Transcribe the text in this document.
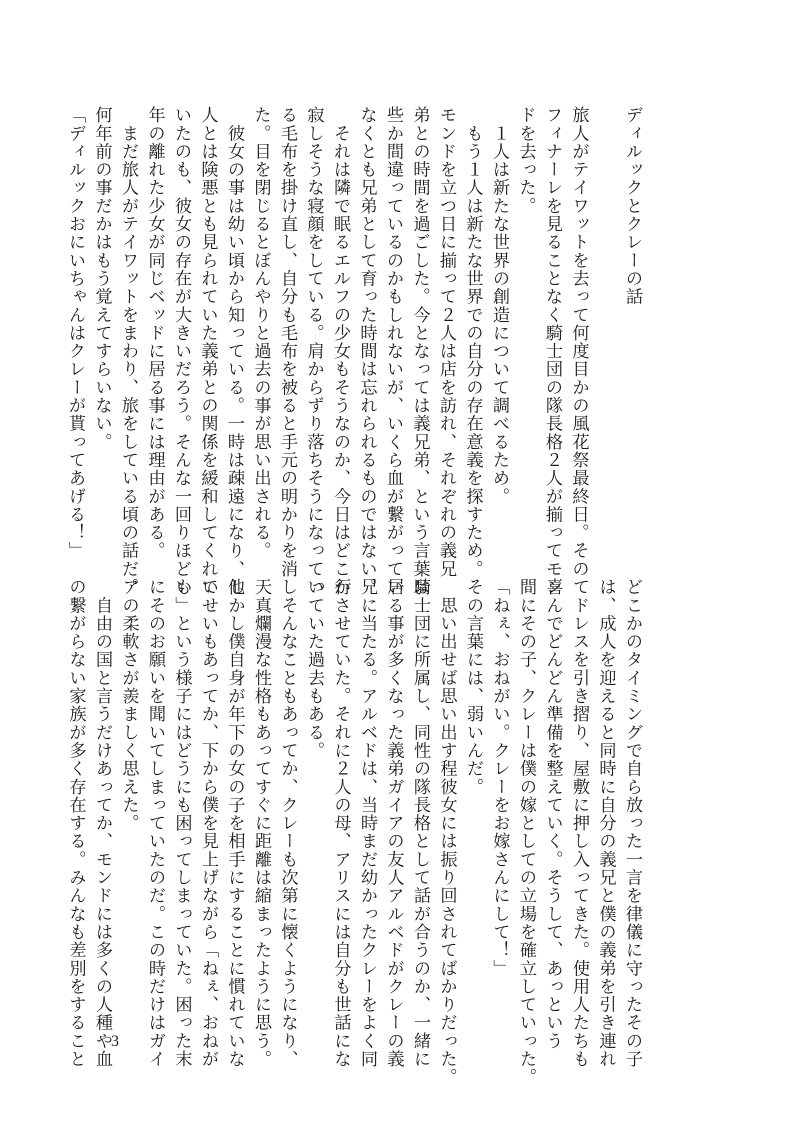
ディルックとクレーの話
旅人がテイワットを去って何度目かの風花祭最終日。その
フィナーレを見ることなく騎士団の隊長格２人が揃ってモン
ドを去った。
　１人は新たな世界の創造について調べるため。
　もう１人は新たな世界での自分の存在意義を探すため。
モンドを立つ日に揃って２人は店を訪れ、それぞれの義兄
弟との時間を過ごした。今となっては義兄弟、という言葉は
些か間違っているのかもしれないが、いくら血が繋がってい
なくとも兄弟として育った時間は忘れられるものではない。
　それは隣で眠るエルフの少女もそうなのか、今日はどこか
寂しそうな寝顔をしている。肩からずり落ちそうになってい
る毛布を掛け直し、自分も毛布を被ると手元の明かりを消し
た。目を閉じるとぼんやりと過去の事が思い出される。
　彼女の事は幼い頃から知っている。一時は疎遠になり、他
人とは険悪とも見られていた義弟との関係を緩和してくれて
いたのも、彼女の存在が大きいだろう。そんな一回りほども
年の離れた少女が同じベッドに居る事には理由がある。
　まだ旅人がテイワットをまわり、旅をしている頃の話だ。
何年前の事だかはもう覚えてすらいない。
「ディルックおにいちゃんはクレーが貰ってあげる！」
どこかのタイミングで自ら放った一言を律儀に守ったその子
は、成人を迎えると同時に自分の義兄と僕の義弟を引き連れ
てドレスを引き摺り、屋敷に押し入ってきた。使用人たちも
喜んでどんどん準備を整えていく。そうして、あっという
間にその子、クレーは僕の嫁としての立場を確立していった。
「ねぇ、おねがい。クレーをお嫁さんにして！」
その言葉には、弱いんだ。
　思い出せば思い出す程彼女には振り回されてばかりだった。
騎士団に所属し、同性の隊長格として話が合うのか、一緒に
居る事が多くなった義弟ガイアの友人アルベドがクレーの義
兄に当たる。アルベドは、当時まだ幼かったクレーをよく同
行させていた。それに２人の母、アリスには自分も世話にな
っていた過去もある。
　そんなこともあってか、クレーも次第に懐くようになり、
天真爛漫な性格もあってすぐに距離は縮まったように思う。
しかし僕自身が年下の女の子を相手にすることに慣れていな
いせいもあってか、下から僕を見上げながら「ねぇ、おねが
い」という様子にはどうにも困ってしまっていた。困った末
にそのお願いを聞いてしまっていたのだ。この時だけはガイ
アの柔軟さが羨ましく思えた。
　自由の国と言うだけあってか、モンドには多くの人種や血
の繋がらない家族が多く存在する。みんなも差別をすること 3
